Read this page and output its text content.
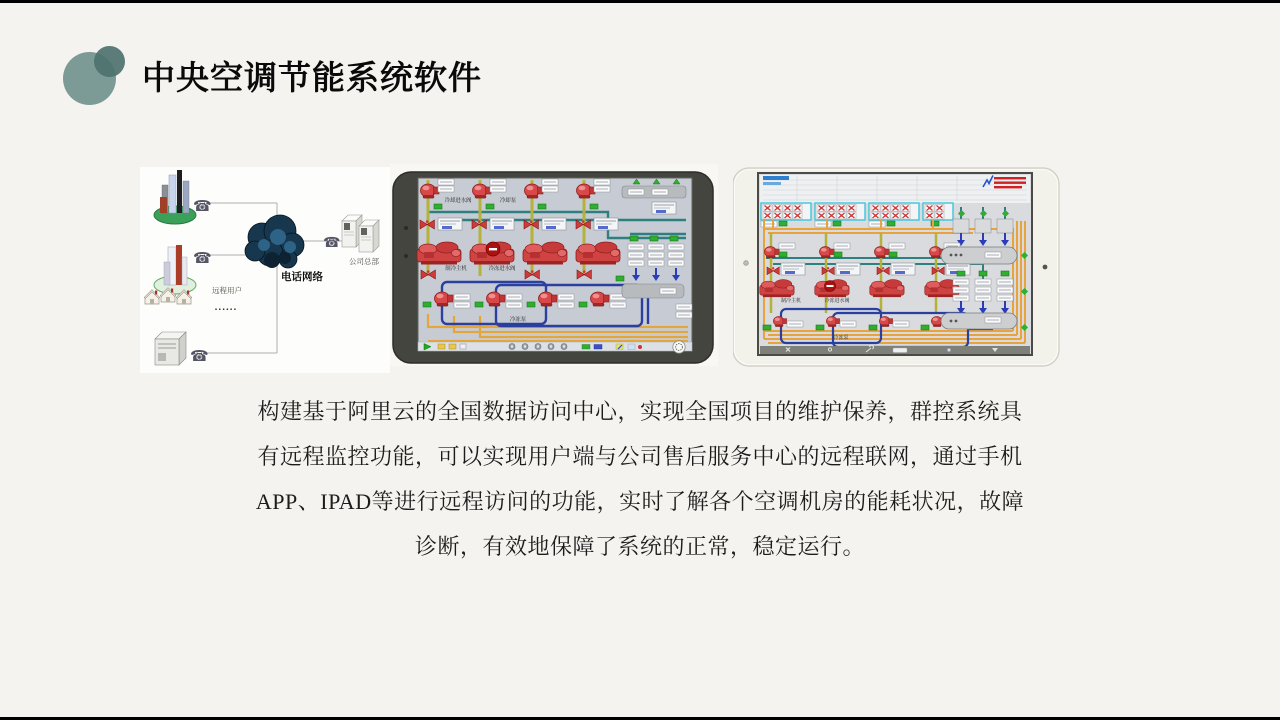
中央空调节能系统软件
☎
☎
远程用户
......
☎
电话网络
☎
公司总部
冷却进水阀	冷却泵
制冷主机	冷冻进水阀
冷冻泵
制冷主机	冷冻进水阀
冷冻泵
构建基于阿里云的全国数据访问中心，实现全国项目的维护保养，群控系统具
有远程监控功能，可以实现用户端与公司售后服务中心的远程联网，通过手机
APP、IPAD等进行远程访问的功能，实时了解各个空调机房的能耗状况，故障
诊断，有效地保障了系统的正常，稳定运行。
